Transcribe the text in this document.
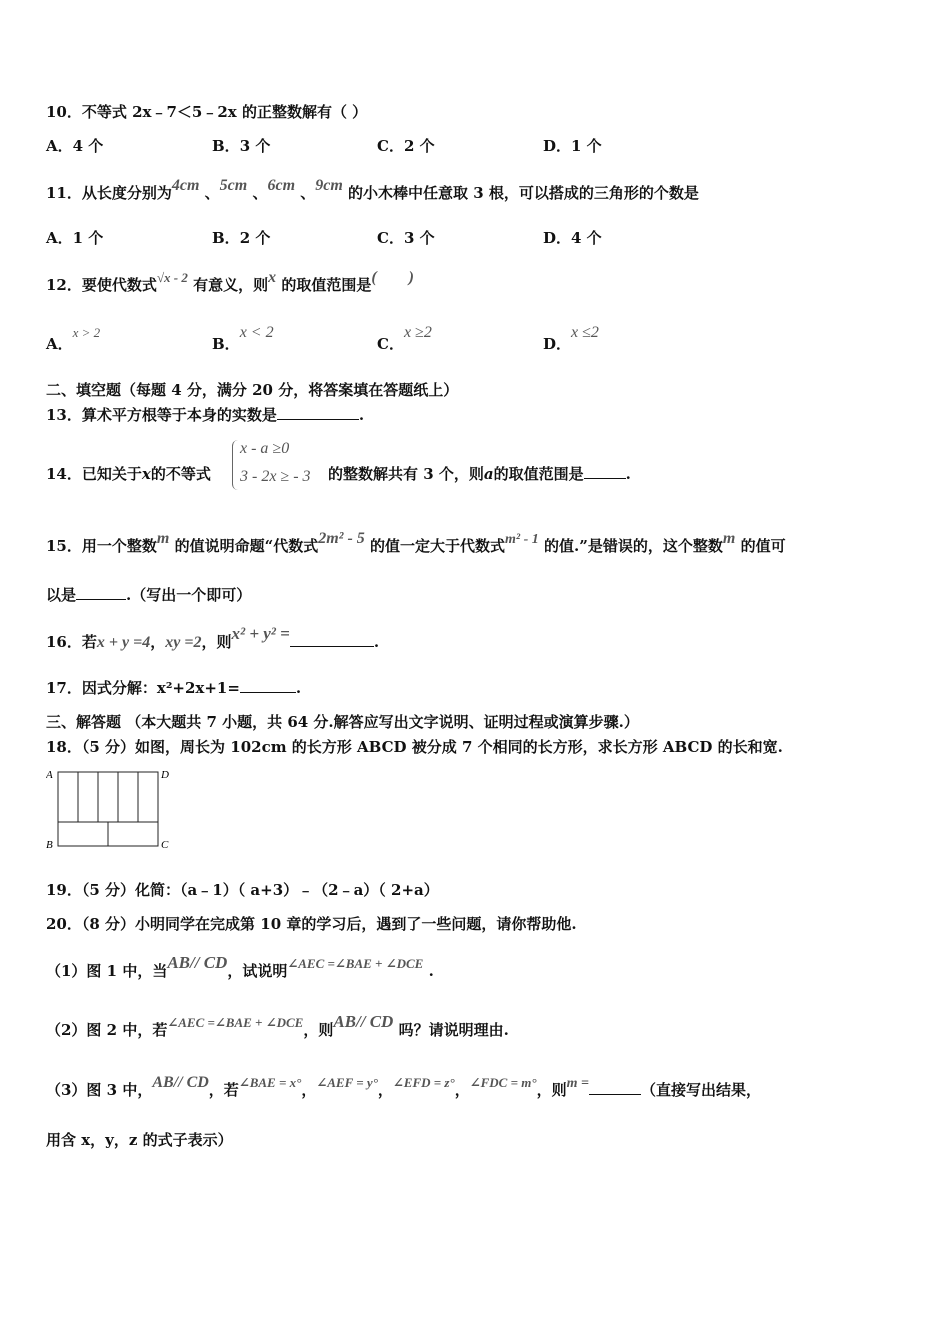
10．不等式 2x﹣7＜5﹣2x 的正整数解有（ ）
A．4 个	B．3 个	C．2 个	D．1 个
11．从长度分别为4cm 、5cm 、6cm 、9cm 的小木棒中任意取 3 根，可以搭成的三角形的个数是
A．1 个	B．2 个	C．3 个	D．4 个
12．要使代数式√x - 2 有意义，则x 的取值范围是(　　)
A．x > 2
B．x < 2
C．x ≥2
D．x ≤2
二、填空题（每题 4 分，满分 20 分，将答案填在答题纸上）
13．算术平方根等于本身的实数是	.
14．已知关于x的不等式
x - a ≥0
3 - 2x ≥ - 3 的整数解共有 3 个，则a的取值范围是	.
15．用一个整数m 的值说明命题“代数式2m² - 5 的值一定大于代数式m² - 1 的值.”是错误的，这个整数m 的值可
以是	.（写出一个即可）
16．若x + y =4，xy =2，则x² + y² =	.
17．因式分解：x²+2x+1=	.
三、解答题 （本大题共 7 小题，共 64 分.解答应写出文字说明、证明过程或演算步骤.）
18．（5 分）如图，周长为 102cm 的长方形 ABCD 被分成 7 个相同的长方形，求长方形 ABCD 的长和宽.
A
B	C
D
19．（5 分）化简：（a﹣1）（ a+3）﹣（2﹣a）（ 2+a）
20．（8 分）小明同学在完成第 10 章的学习后，遇到了一些问题，请你帮助他.
（1）图 1 中，当AB// CD，试说明∠AEC =∠BAE + ∠DCE .
（2）图 2 中，若∠AEC =∠BAE + ∠DCE，则AB// CD 吗？请说明理由.
（3）图 3 中，AB// CD，若∠BAE = x°，∠AEF = y°，∠EFD = z°，∠FDC = m°，则m =	（直接写出结果，
用含 x，y，z 的式子表示）
